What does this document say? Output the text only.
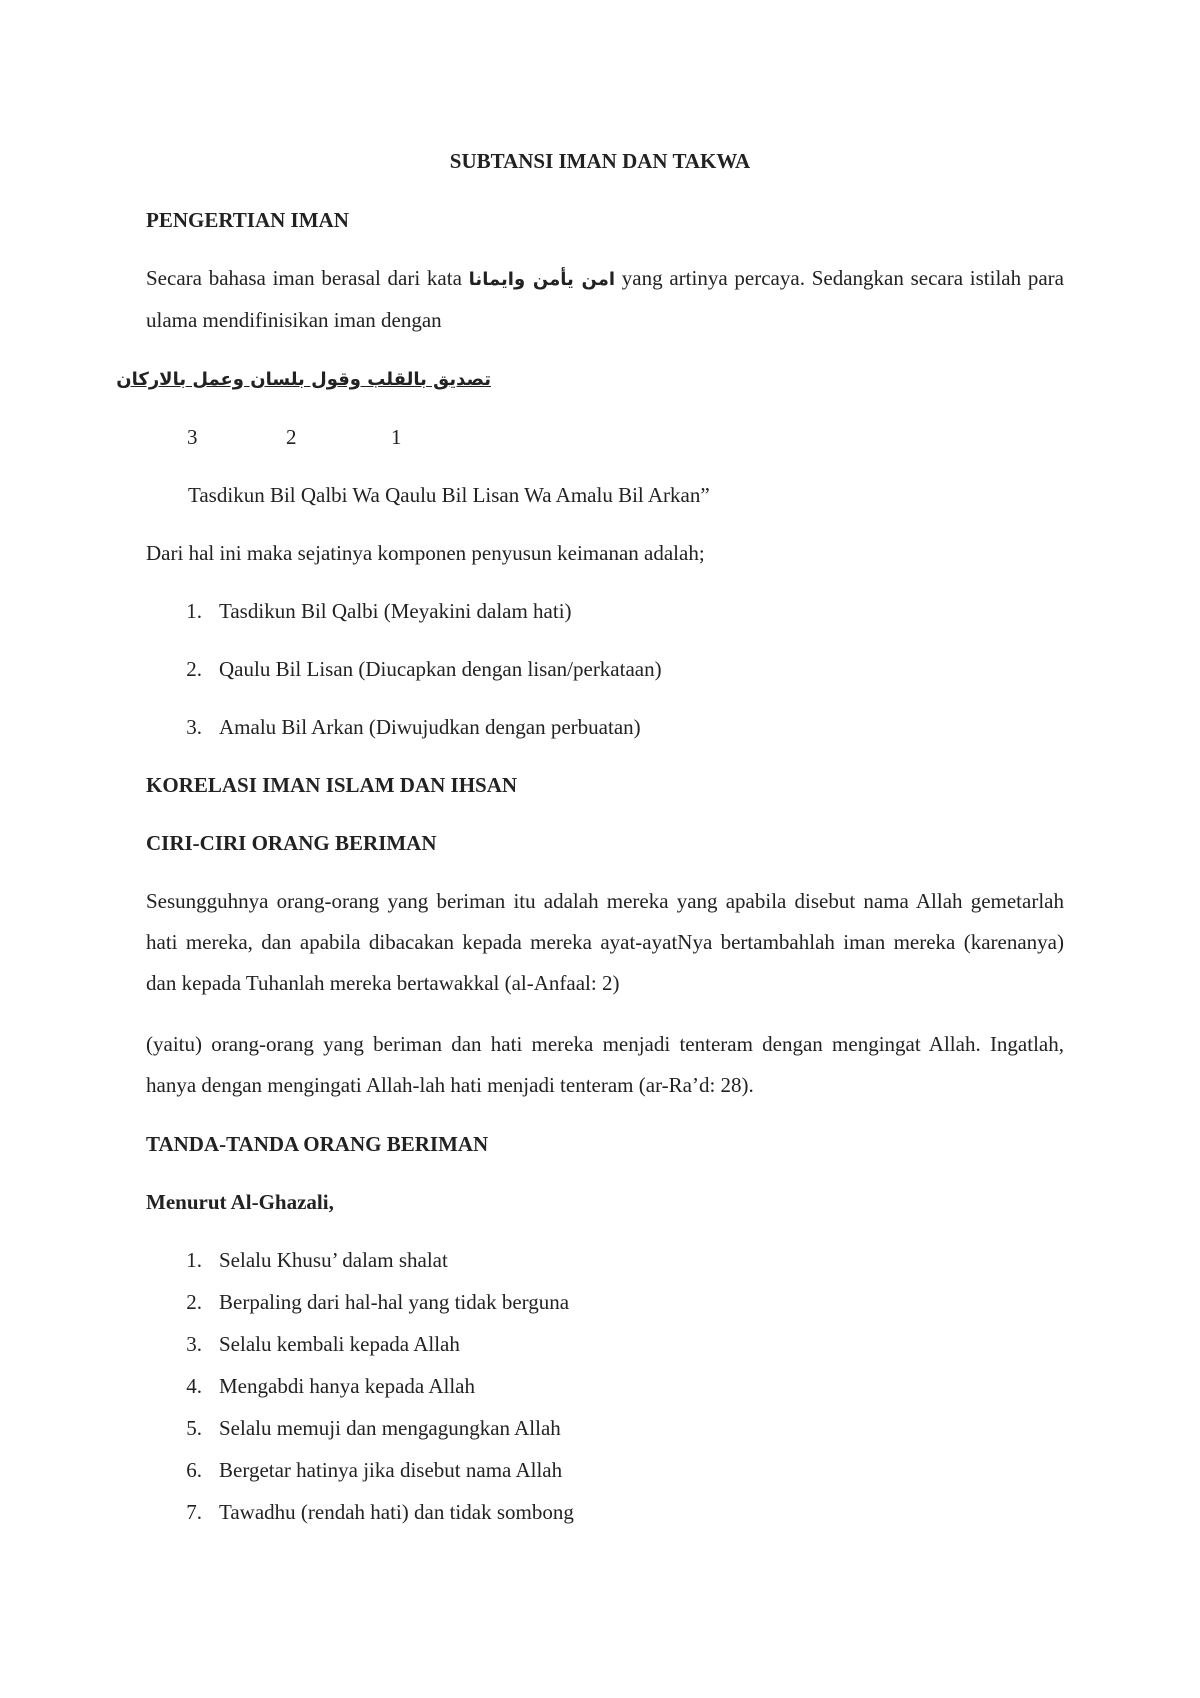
SUBTANSI IMAN DAN TAKWA
PENGERTIAN IMAN
Secara bahasa iman berasal dari kata امن يأمن وايمانا yang artinya percaya. Sedangkan secara istilah para ulama mendifinisikan iman dengan
تصديق بالقلب وقول بلسان وعمل بالاركان
3	2	1
Tasdikun Bil Qalbi Wa Qaulu Bil Lisan Wa Amalu Bil Arkan”
Dari hal ini maka sejatinya komponen penyusun keimanan adalah;
1. Tasdikun Bil Qalbi (Meyakini dalam hati)
2. Qaulu Bil Lisan (Diucapkan dengan lisan/perkataan)
3. Amalu Bil Arkan (Diwujudkan dengan perbuatan)
KORELASI IMAN ISLAM DAN IHSAN
CIRI-CIRI ORANG BERIMAN
Sesungguhnya orang-orang yang beriman itu adalah mereka yang apabila disebut nama Allah gemetarlah hati mereka, dan apabila dibacakan kepada mereka ayat-ayatNya bertambahlah iman mereka (karenanya) dan kepada Tuhanlah mereka bertawakkal (al-Anfaal: 2)
(yaitu) orang-orang yang beriman dan hati mereka menjadi tenteram dengan mengingat Allah. Ingatlah, hanya dengan mengingati Allah-lah hati menjadi tenteram (ar-Ra’d: 28).
TANDA-TANDA ORANG BERIMAN
Menurut Al-Ghazali,
1. Selalu Khusu’ dalam shalat
2. Berpaling dari hal-hal yang tidak berguna
3. Selalu kembali kepada Allah
4. Mengabdi hanya kepada Allah
5. Selalu memuji dan mengagungkan Allah
6. Bergetar hatinya jika disebut nama Allah
7. Tawadhu (rendah hati) dan tidak sombong
